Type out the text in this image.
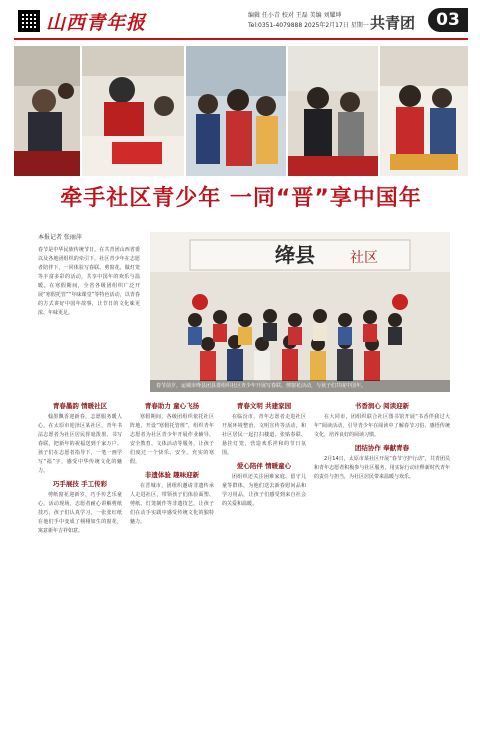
山西青年报	编辑 任小青 校对 王磊 美编 刘耀坤
Tel:0351-4079888 2025年2月17日 星期一 共青团	03
牵手社区青少年 一同“晋”享中国年
本报记者 张丽萍
春节是中华民族传统节日。在共青团山西省委以及各地团组织的牵引下，社区青少年在志愿者陪伴下，一同体验写春联、剪窗花、做灯笼等丰富多彩的活动，共享中国年的欢乐与温暖。在寒假期间，全省各级团组织广泛开展“寒假托管”“年味课堂”等特色活动，以青春的方式讲好中国年故事，让节日的文化味更浓、年味更足。
绛县	社区
春节前夕，运城市绛县团县委组织社区青少年开展写春联、剪窗花活动，与孩子们共度中国年。
青春墨韵 情暖社区

翰墨飘香迎新春，志愿服务暖人心。在太原市迎泽区某社区，青年书法志愿者为社区居民挥毫泼墨、书写春联，把新年的祝福送到千家万户。孩子们在志愿者指导下，一笔一画学写“福”字，感受中华传统文化的魅力。

巧手展技 手工传彩

剪纸窗花迎新岁，巧手传艺乐童心。活动现场，志愿者耐心讲解剪纸技巧，孩子们认真学习，一张张红纸在他们手中变成了栩栩如生的窗花，寓意新年吉祥如意。

青春助力 童心飞扬

寒假期间，各级团组织依托社区阵地，开设“寒假托管班”，组织青年志愿者为社区青少年开展作业辅导、安全教育、文体活动等服务，让孩子们度过一个快乐、安全、充实的寒假。

非遗体验 趣味迎新

在晋城市，团组织邀请非遗传承人走进社区，带领孩子们体验面塑、剪纸、灯笼制作等非遗技艺，让孩子们在动手实践中感受传统文化的独特魅力。

青春文明 共建家园

在临汾市，青年志愿者走进社区开展环境整治、文明宣传等活动，和社区居民一起打扫楼道、张贴春联、悬挂灯笼，营造欢乐祥和的节日氛围。

爱心陪伴 情暖童心

团组织还关注困难家庭、留守儿童等群体，为他们送去新春慰问品和学习用品，让孩子们感受到来自社会的关爱和温暖。

书香润心 阅读迎新

在大同市，团组织联合社区图书馆开展“书香伴我过大年”阅读活动，引导青少年在阅读中了解春节习俗、感悟传统文化，培养良好的阅读习惯。

团结协作 奉献青春

2月14日，太原市某社区开展“春节守护行动”，共青团员和青年志愿者积极参与社区服务，用实际行动诠释新时代青年的责任与担当，为社区居民带来温暖与欢乐。
